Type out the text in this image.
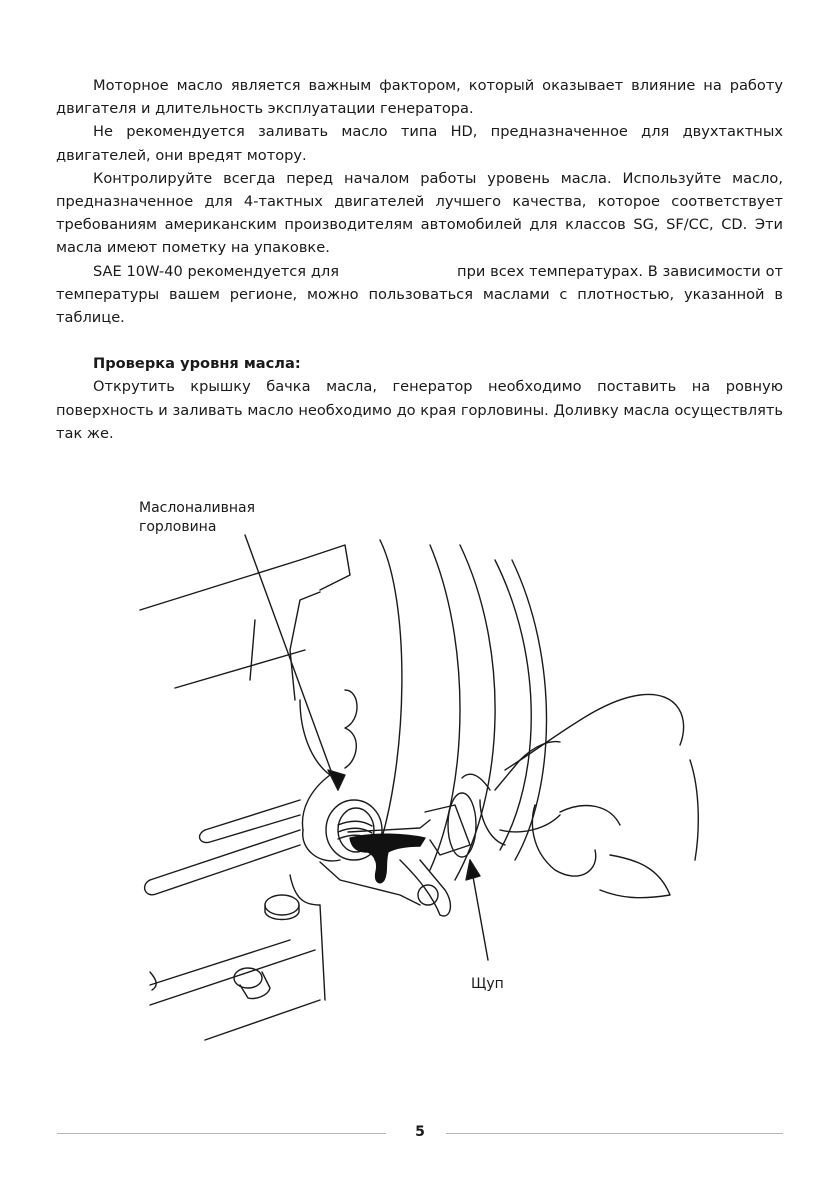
Моторное масло является важным фактором, который оказывает влияние на работу двигателя и длительность эксплуатации генератора.

Не рекомендуется заливать масло типа HD, предназначенное для двухтактных двигателей, они вредят мотору.

Контролируйте всегда перед началом работы уровень масла. Используйте масло, предназначенное для 4-тактных двигателей лучшего качества, которое соответствует требованиям американским производителям автомобилей для классов SG, SF/CC, CD. Эти масла имеют пометку на упаковке.

SAE 10W-40 рекомендуется для	при всех температурах. В зависимости от температуры вашем регионе, можно пользоваться маслами с плотностью, указанной в таблице.

Проверка уровня масла:

Открутить крышку бачка масла, генератор необходимо поставить на ровную поверхность и заливать масло необходимо до края горловины. Доливку масла осуществлять так же.

Маслоналивная
горловина
Щуп
5
